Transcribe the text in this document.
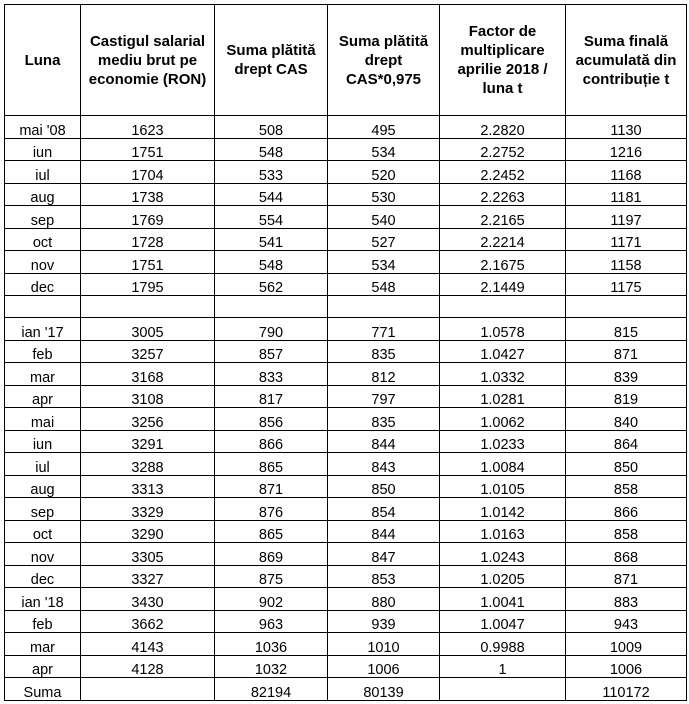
Luna	Castigul salarial mediu brut pe economie (RON)	Suma plătită drept CAS	Suma plătită drept CAS*0,975	Factor de multiplicare aprilie 2018 / luna t	Suma finală acumulată din contribuție t
mai '08	1623	508	495	2.2820	1130
iun	1751	548	534	2.2752	1216
iul	1704	533	520	2.2452	1168
aug	1738	544	530	2.2263	1181
sep	1769	554	540	2.2165	1197
oct	1728	541	527	2.2214	1171
nov	1751	548	534	2.1675	1158
dec	1795	562	548	2.1449	1175

ian '17	3005	790	771	1.0578	815
feb	3257	857	835	1.0427	871
mar	3168	833	812	1.0332	839
apr	3108	817	797	1.0281	819
mai	3256	856	835	1.0062	840
iun	3291	866	844	1.0233	864
iul	3288	865	843	1.0084	850
aug	3313	871	850	1.0105	858
sep	3329	876	854	1.0142	866
oct	3290	865	844	1.0163	858
nov	3305	869	847	1.0243	868
dec	3327	875	853	1.0205	871
ian '18	3430	902	880	1.0041	883
feb	3662	963	939	1.0047	943
mar	4143	1036	1010	0.9988	1009
apr	4128	1032	1006	1	1006
Suma		82194	80139		110172
